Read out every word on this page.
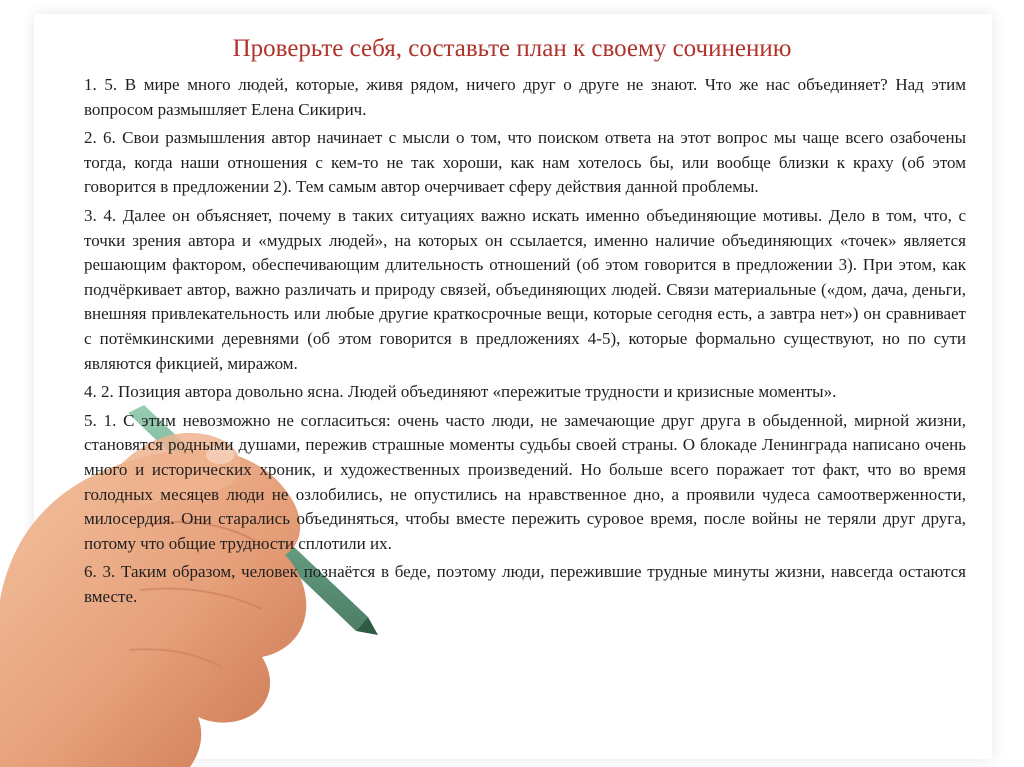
Проверьте себя, составьте план к своему сочинению

1. 5. В мире много людей, которые, живя рядом, ничего друг о друге не знают. Что же нас объединяет? Над этим вопросом размышляет Елена Сикирич.

2. 6. Свои размышления автор начинает с мысли о том, что поиском ответа на этот вопрос мы чаще всего озабочены тогда, когда наши отношения с кем-то не так хороши, как нам хотелось бы, или вообще близки к краху (об этом говорится в предложении 2). Тем самым автор очерчивает сферу действия данной проблемы.

3. 4. Далее он объясняет, почему в таких ситуациях важно искать именно объединяющие мотивы. Дело в том, что, с точки зрения автора и «мудрых людей», на которых он ссылается, именно наличие объединяющих «точек» является решающим фактором, обеспечивающим длительность отношений (об этом говорится в предложении 3). При этом, как подчёркивает автор, важно различать и природу связей, объединяющих людей. Связи материальные («дом, дача, деньги, внешняя привлекательность или любые другие краткосрочные вещи, которые сегодня есть, а завтра нет») он сравнивает с потёмкинскими деревнями (об этом говорится в предложениях 4-5), которые формально существуют, но по сути являются фикцией, миражом.

4. 2. Позиция автора довольно ясна. Людей объединяют «пережитые трудности и кризисные моменты».

5. 1. С этим невозможно не согласиться: очень часто люди, не замечающие друг друга в обыденной, мирной жизни, становятся родными душами, пережив страшные моменты судьбы своей страны. О блокаде Ленинграда написано очень много и исторических хроник, и художественных произведений. Но больше всего поражает тот факт, что во время голодных месяцев люди не озлобились, не опустились на нравственное дно, а проявили чудеса самоотверженности, милосердия. Они старались объединяться, чтобы вместе пережить суровое время, после войны не теряли друг друга, потому что общие трудности сплотили их.

6. 3. Таким образом, человек познаётся в беде, поэтому люди, пережившие трудные минуты жизни, навсегда остаются вместе.
